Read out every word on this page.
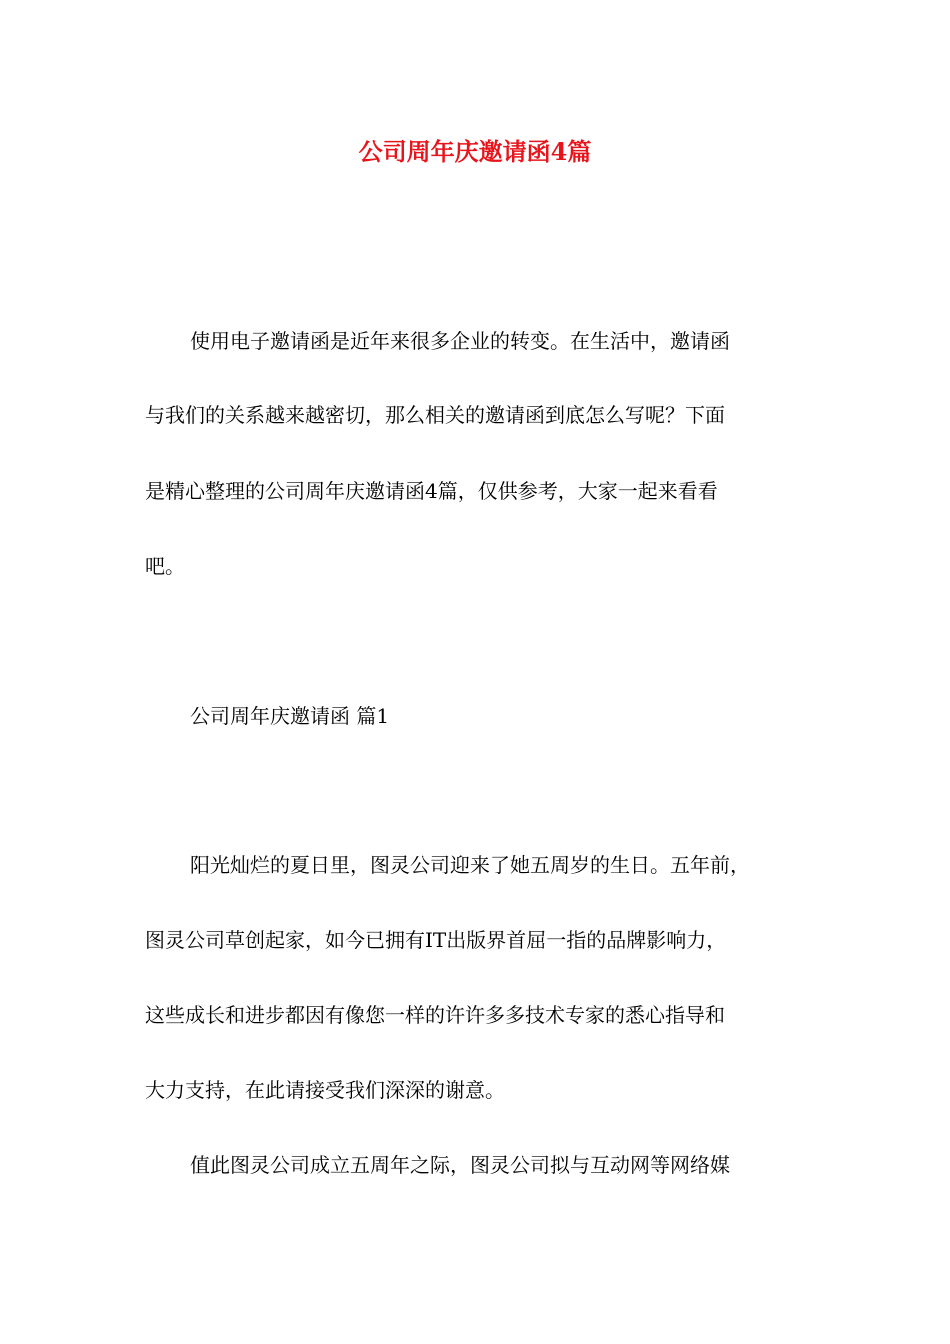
公司周年庆邀请函4篇
使用电子邀请函是近年来很多企业的转变。在生活中，邀请函
与我们的关系越来越密切，那么相关的邀请函到底怎么写呢？下面
是精心整理的公司周年庆邀请函4篇，仅供参考，大家一起来看看
吧。
公司周年庆邀请函 篇1
阳光灿烂的夏日里，图灵公司迎来了她五周岁的生日。五年前，
图灵公司草创起家，如今已拥有IT出版界首屈一指的品牌影响力，
这些成长和进步都因有像您一样的许许多多技术专家的悉心指导和
大力支持，在此请接受我们深深的谢意。
值此图灵公司成立五周年之际，图灵公司拟与互动网等网络媒
